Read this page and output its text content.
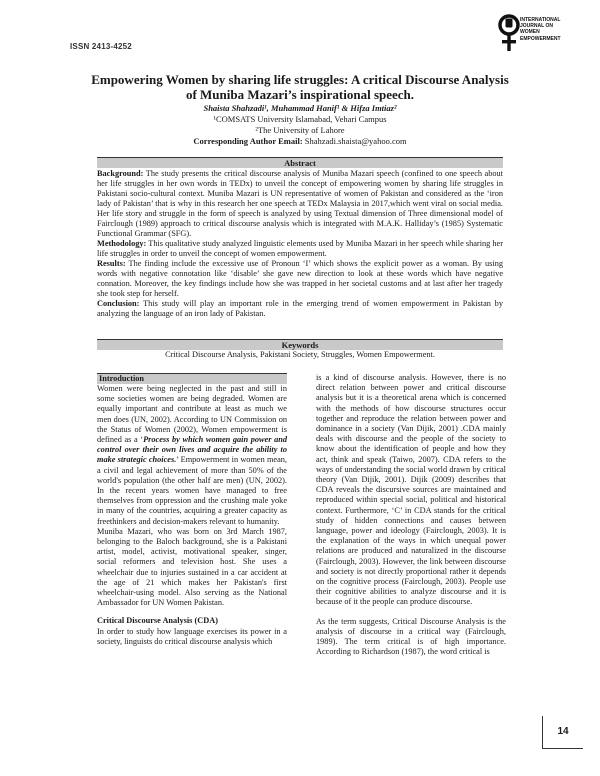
ISSN 2413-4252
INTERNATIONAL
JOURNAL ON
WOMEN
EMPOWERMENT
Empowering Women by sharing life struggles: A critical Discourse Analysis
of Muniba Mazari’s inspirational speech.
Shaista Shahzadi¹, Muhammad Hanif¹ & Hifza Imtiaz²
¹COMSATS University Islamabad, Vehari Campus
²The University of Lahore
Corresponding Author Email: Shahzadi.shaista@yahoo.com
Abstract

Background: The study presents the critical discourse analysis of Muniba Mazari speech (confined to one speech about her life struggles in her own words in TEDx) to unveil the concept of empowering women by sharing life struggles in Pakistani socio-cultural context. Muniba Mazari is UN representative of women of Pakistan and considered as the ‘iron lady of Pakistan’ that is why in this research her one speech at TEDx Malaysia in 2017,which went viral on social media. Her life story and struggle in the form of speech is analyzed by using Textual dimension of Three dimensional model of Fairclough (1989) approach to critical discourse analysis which is integrated with M.A.K. Halliday’s (1985) Systematic Functional Grammar (SFG).

Methodology: This qualitative study analyzed linguistic elements used by Muniba Mazari in her speech while sharing her life struggles in order to unveil the concept of women empowerment.

Results: The finding include the excessive use of Pronoun ‘I’ which shows the explicit power as a woman. By using words with negative connotation like ‘disable’ she gave new direction to look at these words which have negative connation. Moreover, the key findings include how she was trapped in her societal customs and at last after her tragedy she took step for herself.

Conclusion: This study will play an important role in the emerging trend of women empowerment in Pakistan by analyzing the language of an iron lady of Pakistan.

Keywords
Critical Discourse Analysis, Pakistani Society, Struggles, Women Empowerment.
Introduction

Women were being neglected in the past and still in some societies women are being degraded. Women are equally important and contribute at least as much we men does (UN, 2002). According to UN Commission on the Status of Women (2002), Women empowerment is defined as a ‘Process by which women gain power and control over their own lives and acquire the ability to make strategic choices.’ Empowerment in women mean, a civil and legal achievement of more than 50% of the world's population (the other half are men) (UN, 2002). In the recent years women have managed to free themselves from oppression and the crushing male yoke in many of the countries, acquiring a greater capacity as freethinkers and decision-makers relevant to humanity.

Muniba Mazari, who was born on 3rd March 1987, belonging to the Baloch background, she is a Pakistani artist, model, activist, motivational speaker, singer, social reformers and television host. She uses a wheelchair due to injuries sustained in a car accident at the age of 21 which makes her Pakistan's first wheelchair-using model. Also serving as the National Ambassador for UN Women Pakistan.

Critical Discourse Analysis (CDA)

In order to study how language exercises its power in a society, linguists do critical discourse analysis which

is a kind of discourse analysis. However, there is no direct relation between power and critical discourse analysis but it is a theoretical arena which is concerned with the methods of how discourse structures occur together and reproduce the relation between power and dominance in a society (Van Dijik, 2001) .CDA mainly deals with discourse and the people of the society to know about the identification of people and how they act, think and speak (Taiwo, 2007). CDA refers to the ways of understanding the social world drawn by critical theory (Van Dijik, 2001). Dijik (2009) describes that CDA reveals the discursive sources are maintained and reproduced within special social, political and historical context. Furthermore, ‘C’ in CDA stands for the critical study of hidden connections and causes between language, power and ideology (Fairclough, 2003). It is the explanation of the ways in which unequal power relations are produced and naturalized in the discourse (Fairclough, 2003). However, the link between discourse and society is not directly proportional rather it depends on the cognitive process (Fairclough, 2003). People use their cognitive abilities to analyze discourse and it is because of it the people can produce discourse.

As the term suggests, Critical Discourse Analysis is the analysis of discourse in a critical way (Fairclough, 1989). The term critical is of high importance. According to Richardson (1987), the word critical is

14
